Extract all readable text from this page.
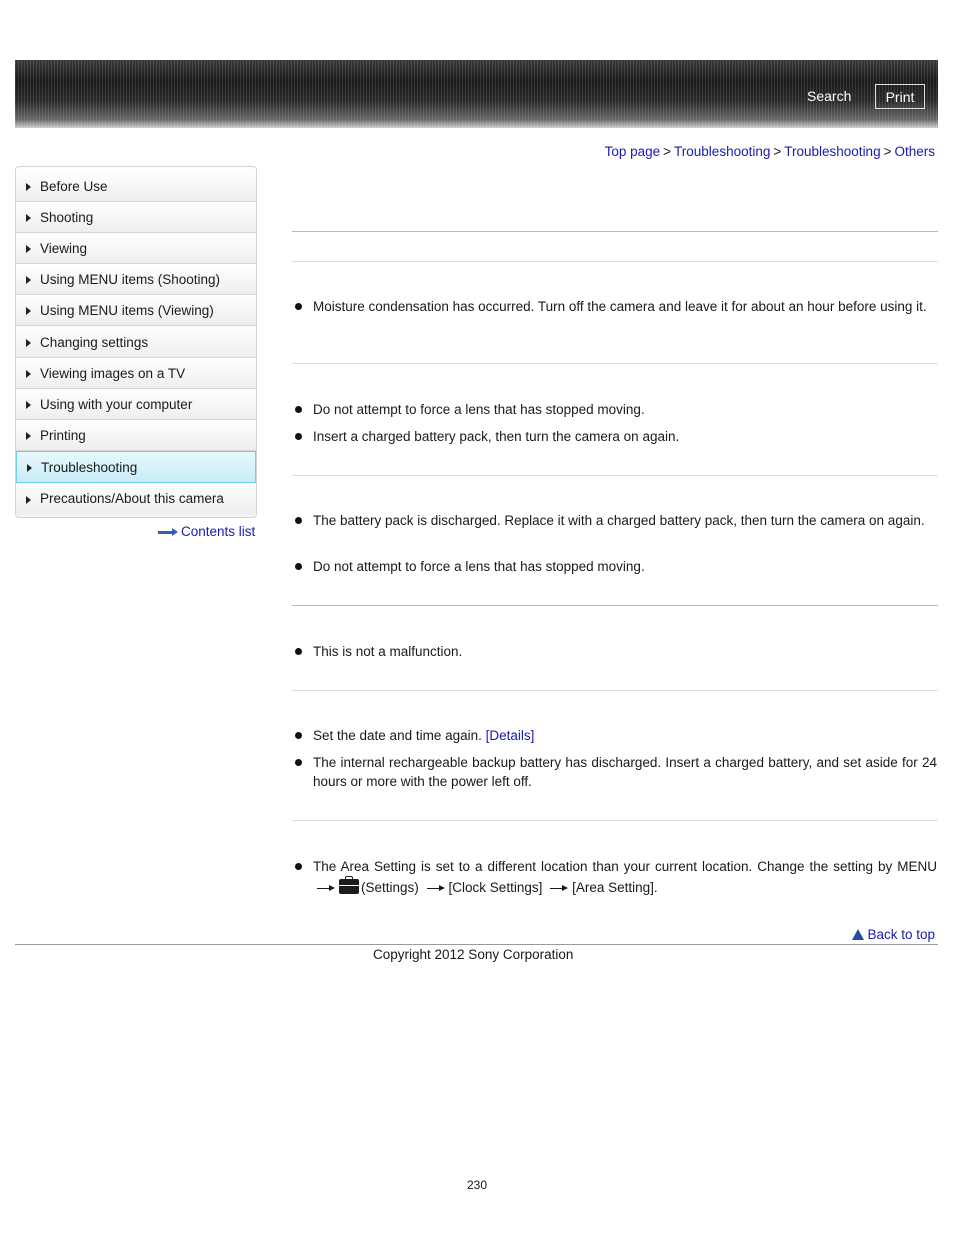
Search	Print
Top page > Troubleshooting > Troubleshooting > Others
Before Use
Shooting
Viewing
Using MENU items (Shooting)
Using MENU items (Viewing)
Changing settings
Viewing images on a TV
Using with your computer
Printing
Troubleshooting
Precautions/About this camera
Contents list
Moisture condensation has occurred. Turn off the camera and leave it for about an hour before using it.
Do not attempt to force a lens that has stopped moving.
Insert a charged battery pack, then turn the camera on again.
The battery pack is discharged. Replace it with a charged battery pack, then turn the camera on again.
Do not attempt to force a lens that has stopped moving.
This is not a malfunction.
Set the date and time again. [Details]
The internal rechargeable backup battery has discharged. Insert a charged battery, and set aside for 24 hours or more with the power left off.
The Area Setting is set to a different location than your current location. Change the setting by MENU (Settings) [Clock Settings] [Area Setting].
Back to top
Copyright 2012 Sony Corporation
230
